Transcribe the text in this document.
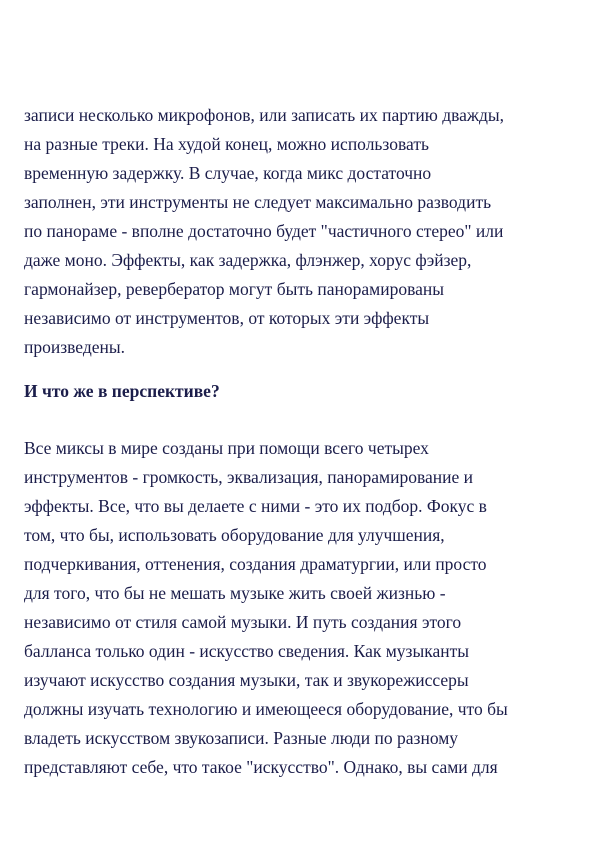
записи несколько микрофонов, или записать их партию дважды,
на разные треки. На худой конец, можно использовать
временную задержку. В случае, когда микс достаточно
заполнен, эти инструменты не следует максимально разводить
по панораме - вполне достаточно будет "частичного стерео" или
даже моно. Эффекты, как задержка, флэнжер, хорус фэйзер,
гармонайзер, ревербератор могут быть панорамированы
независимо от инструментов, от которых эти эффекты
произведены.
И что же в перспективе?
Все миксы в мире созданы при помощи всего четырех
инструментов - громкость, эквализация, панорамирование и
эффекты. Все, что вы делаете с ними - это их подбор. Фокус в
том, что бы, использовать оборудование для улучшения,
подчеркивания, оттенения, создания драматургии, или просто
для того, что бы не мешать музыке жить своей жизнью -
независимо от стиля самой музыки. И путь создания этого
балланса только один - искусство сведения. Как музыканты
изучают искусство создания музыки, так и звукорежиссеры
должны изучать технологию и имеющееся оборудование, что бы
владеть искусством звукозаписи. Разные люди по разному
представляют себе, что такое "искусство". Однако, вы сами для
